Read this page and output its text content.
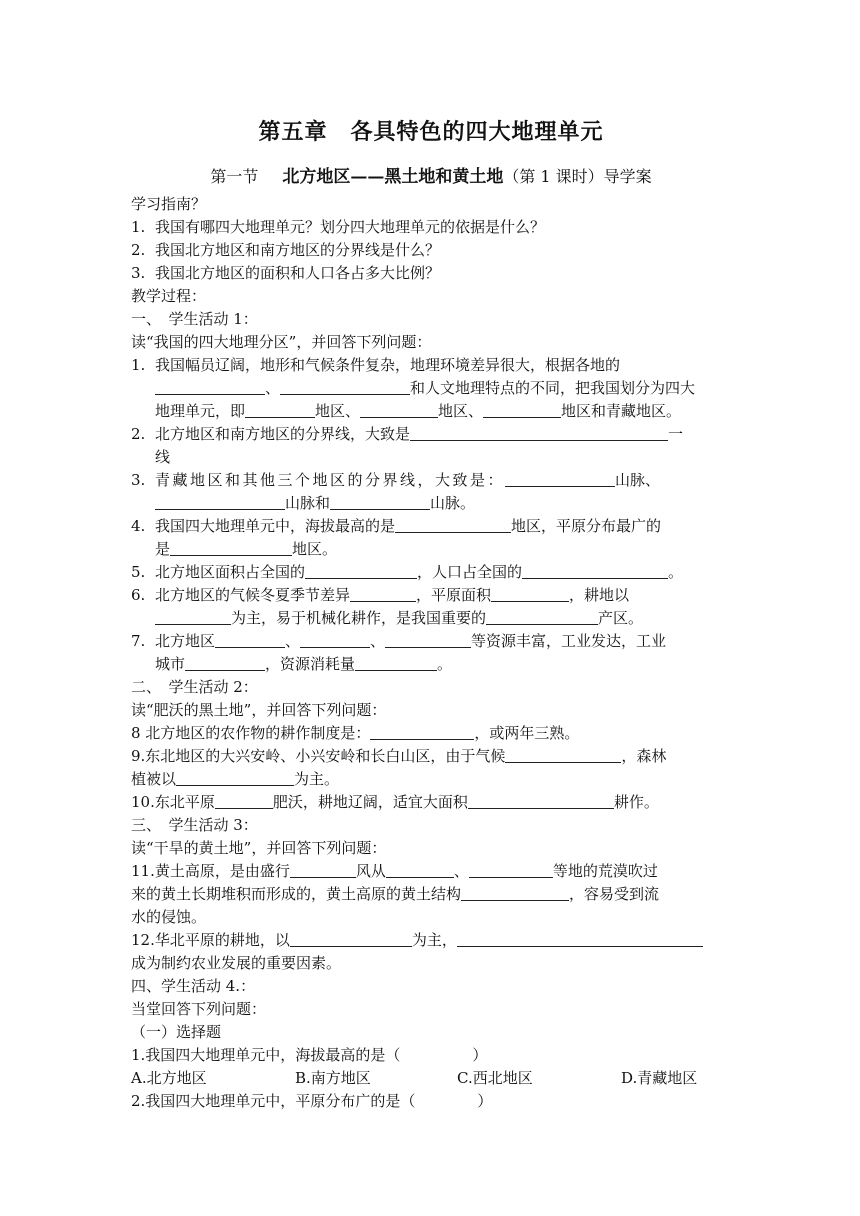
第五章　各具特色的四大地理单元
第一节 北方地区——黑土地和黄土地（第 1 课时）导学案
学习指南？
1. 我国有哪四大地理单元？划分四大地理单元的依据是什么？
2. 我国北方地区和南方地区的分界线是什么？
3. 我国北方地区的面积和人口各占多大比例？
教学过程：
一、　学生活动 1：
读“我国的四大地理分区”，并回答下列问题：
1. 我国幅员辽阔，地形和气候条件复杂，地理环境差异很大，根据各地的
、	和人文地理特点的不同，把我国划分为四大
地理单元，即	地区、	地区、	地区和青藏地区。
2. 北方地区和南方地区的分界线，大致是	一
线
3. 青藏地区和其他三个地区的分界线，大致是：	山脉、
山脉和	山脉。
4. 我国四大地理单元中，海拔最高的是	地区，平原分布最广的
是	地区。
5. 北方地区面积占全国的	，人口占全国的	。
6. 北方地区的气候冬夏季节差异	，平原面积	，耕地以
为主，易于机械化耕作，是我国重要的	产区。
7. 北方地区	、	、	等资源丰富，工业发达，工业
城市	，资源消耗量	。
二、　学生活动 2：
读“肥沃的黑土地”，并回答下列问题：
8 北方地区的农作物的耕作制度是：	，或两年三熟。
9.东北地区的大兴安岭、小兴安岭和长白山区，由于气候	，森林
植被以	为主。
10.东北平原	肥沃，耕地辽阔，适宜大面积	耕作。
三、　学生活动 3：
读“干旱的黄土地”，并回答下列问题：
11.黄土高原，是由盛行	风从	、	等地的荒漠吹过
来的黄土长期堆积而形成的，黄土高原的黄土结构	，容易受到流
水的侵蚀。
12.华北平原的耕地，以	为主，
成为制约农业发展的重要因素。
四、学生活动 4.：
当堂回答下列问题：
（一）选择题
1.我国四大地理单元中，海拔最高的是（	）
A.北方地区	B.南方地区	C.西北地区	D.青藏地区
2.我国四大地理单元中，平原分布广的是（	）
